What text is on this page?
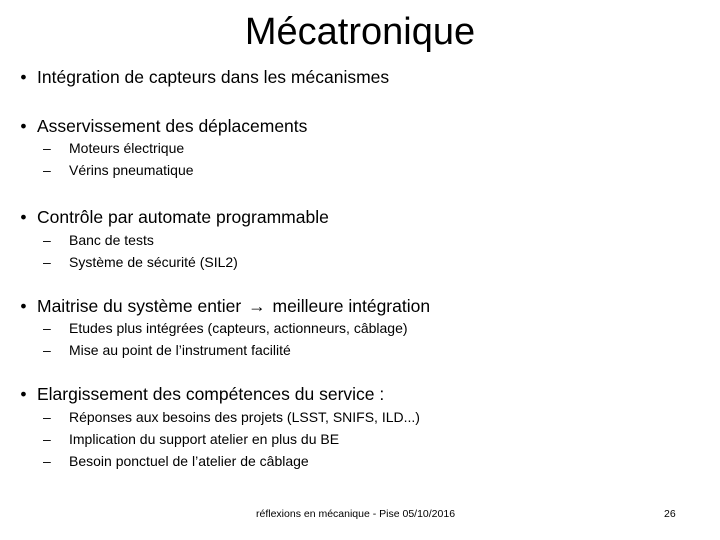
Mécatronique
• Intégration de capteurs dans les mécanismes
• Asservissement des déplacements
– Moteurs électrique
– Vérins pneumatique
• Contrôle par automate programmable
– Banc de tests
– Système de sécurité (SIL2)
• Maitrise du système entier → meilleure intégration
– Etudes plus intégrées (capteurs, actionneurs, câblage)
– Mise au point de l’instrument facilité
• Elargissement des compétences du service :
– Réponses aux besoins des projets (LSST, SNIFS, ILD...)
– Implication du support atelier en plus du BE
– Besoin ponctuel de l’atelier de câblage
réflexions en mécanique - Pise 05/10/2016	26
